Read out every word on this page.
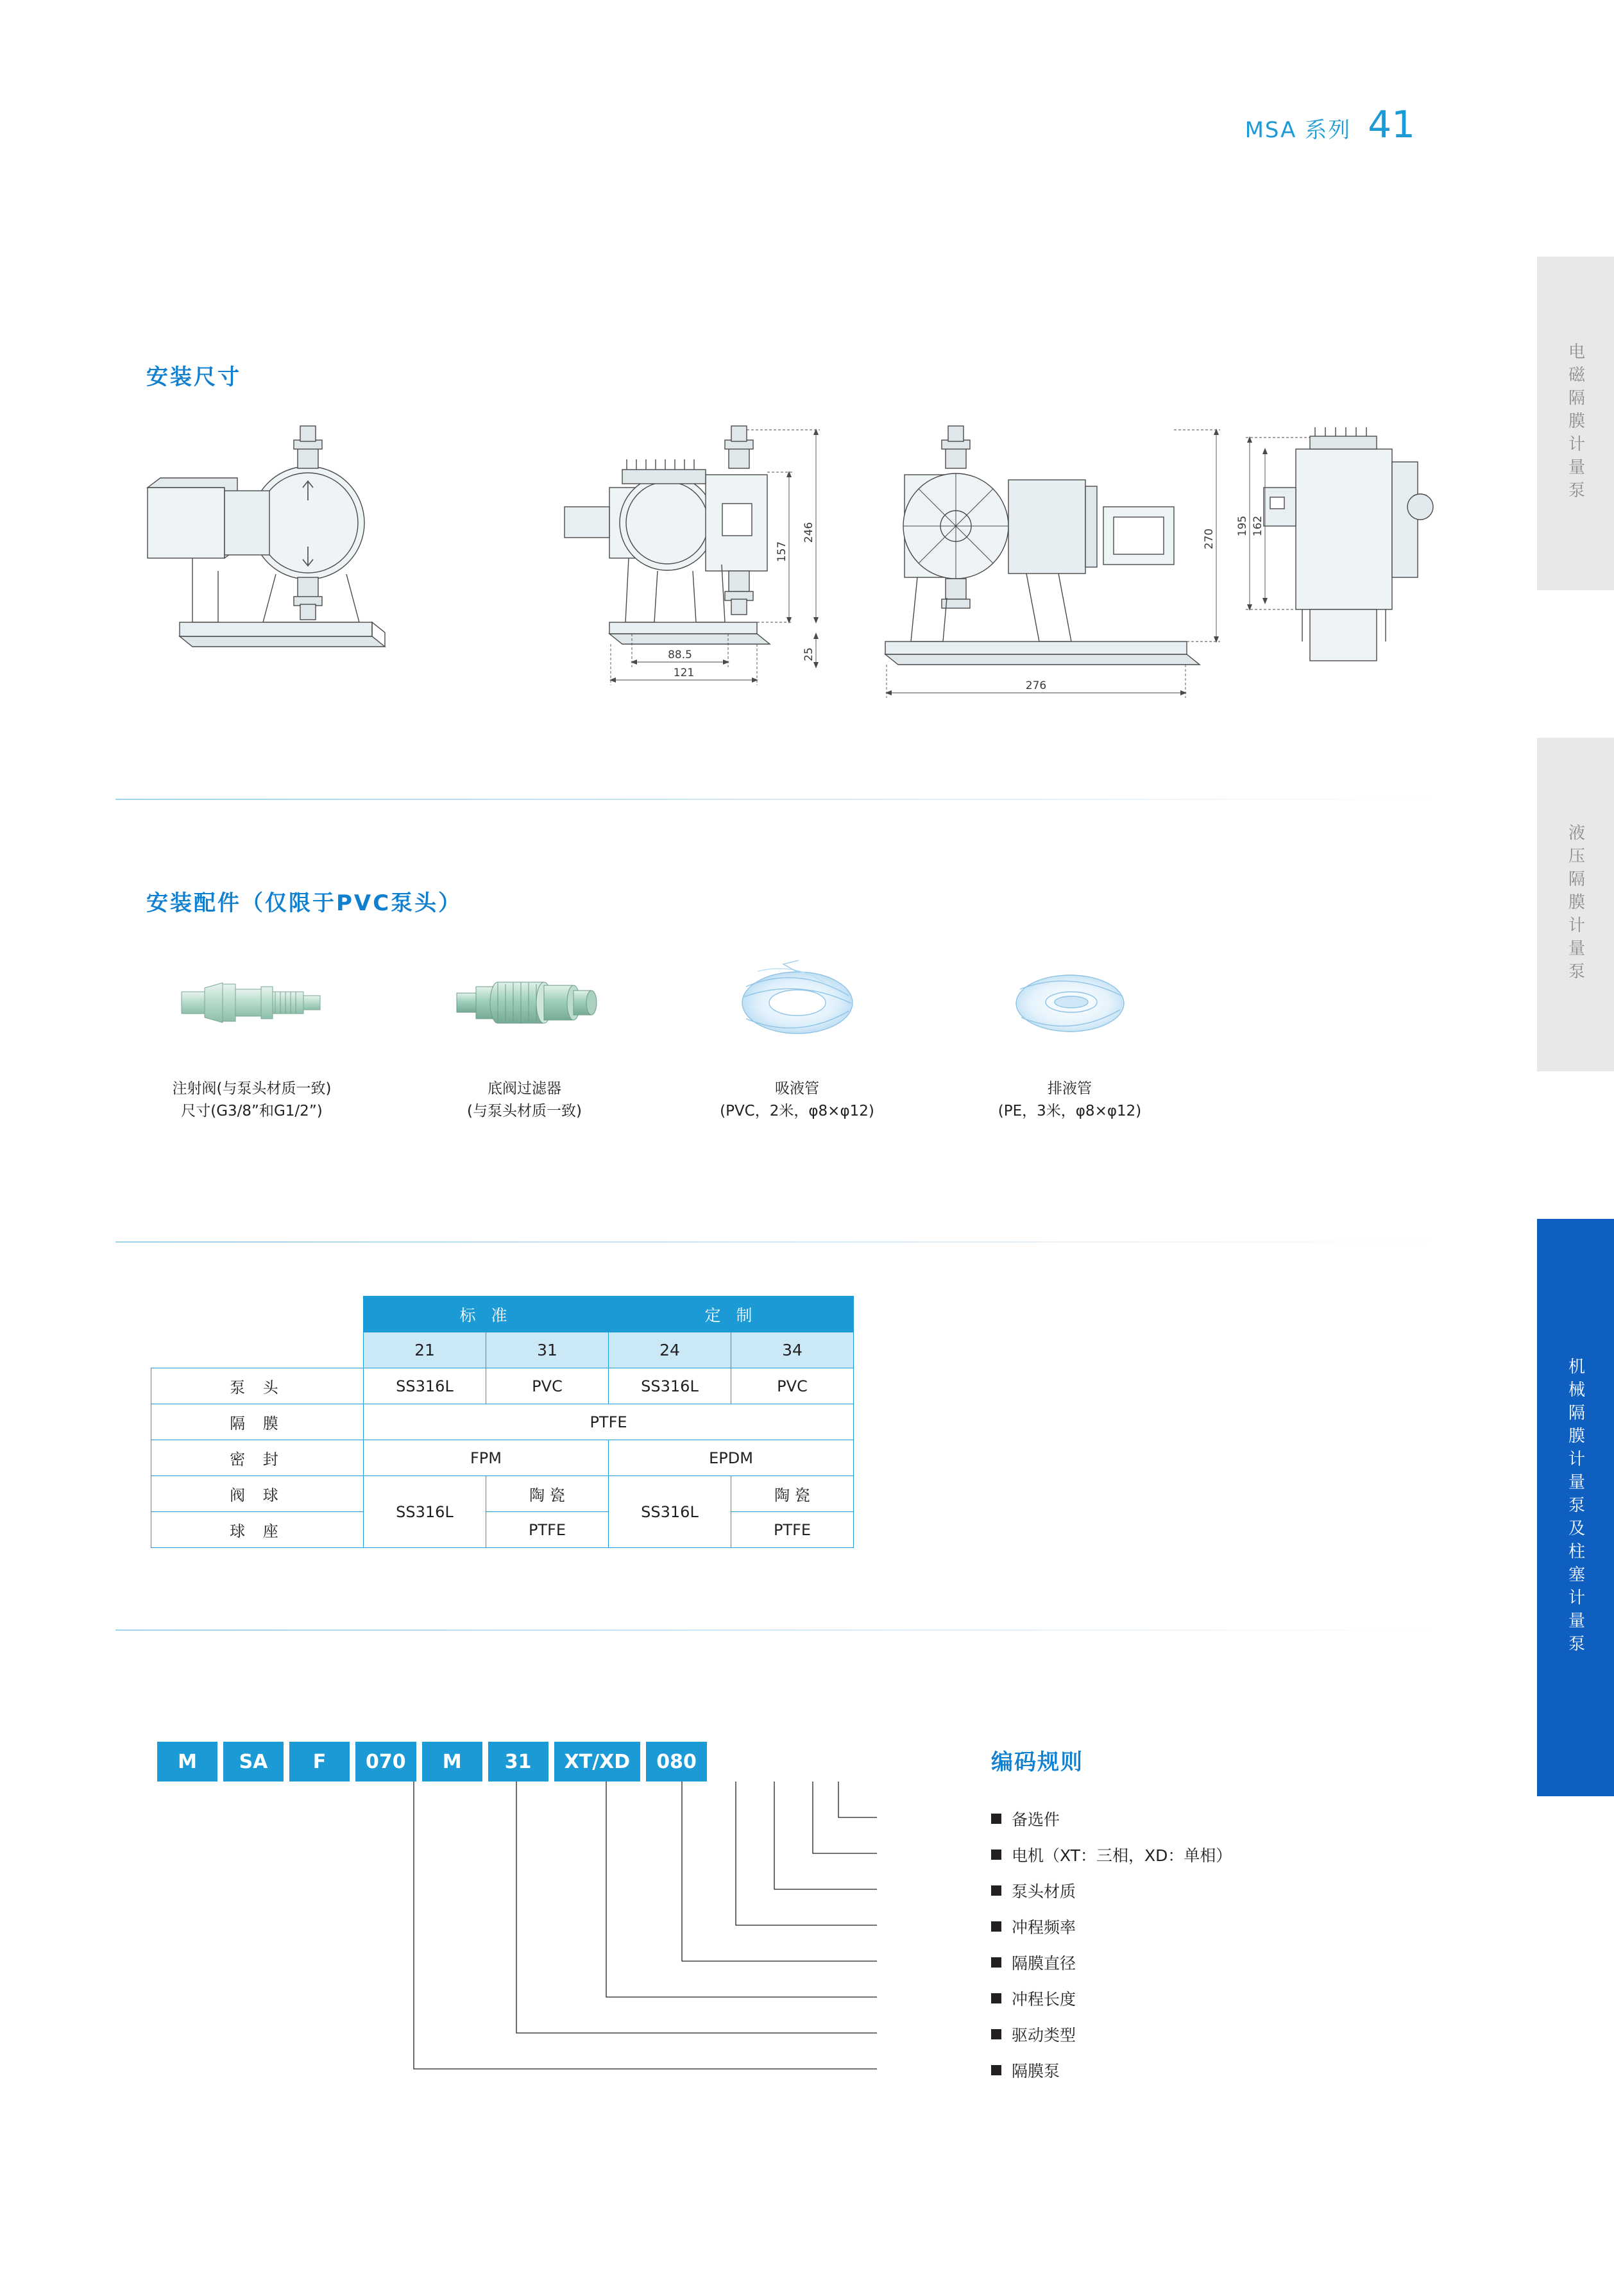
MSA 系列 41
电磁隔膜计量泵
液压隔膜计量泵
机械隔膜计量泵及柱塞计量泵
安装尺寸
安装配件（仅限于PVC泵头）
157
246
25
88.5
121
270
276
195 162
注射阀(与泵头材质一致)
尺寸(G3/8”和G1/2”)
底阀过滤器
(与泵头材质一致)
吸液管
(PVC，2米，φ8×φ12)
排液管
(PE，3米，φ8×φ12)
	标 准		定 制	
	21	31	24	34
泵 头	SS316L	PVC	SS316L	PVC
隔 膜	PTFE			
密 封	FPM		EPDM	
阀 球	SS316L	陶 瓷	SS316L	陶 瓷
球 座		PTFE		PTFE
M	SA	F	070	M	31	XT/XD	080	编码规则
备选件
电机（XT：三相，XD：单相）
泵头材质
冲程频率
隔膜直径
冲程长度
驱动类型
隔膜泵
